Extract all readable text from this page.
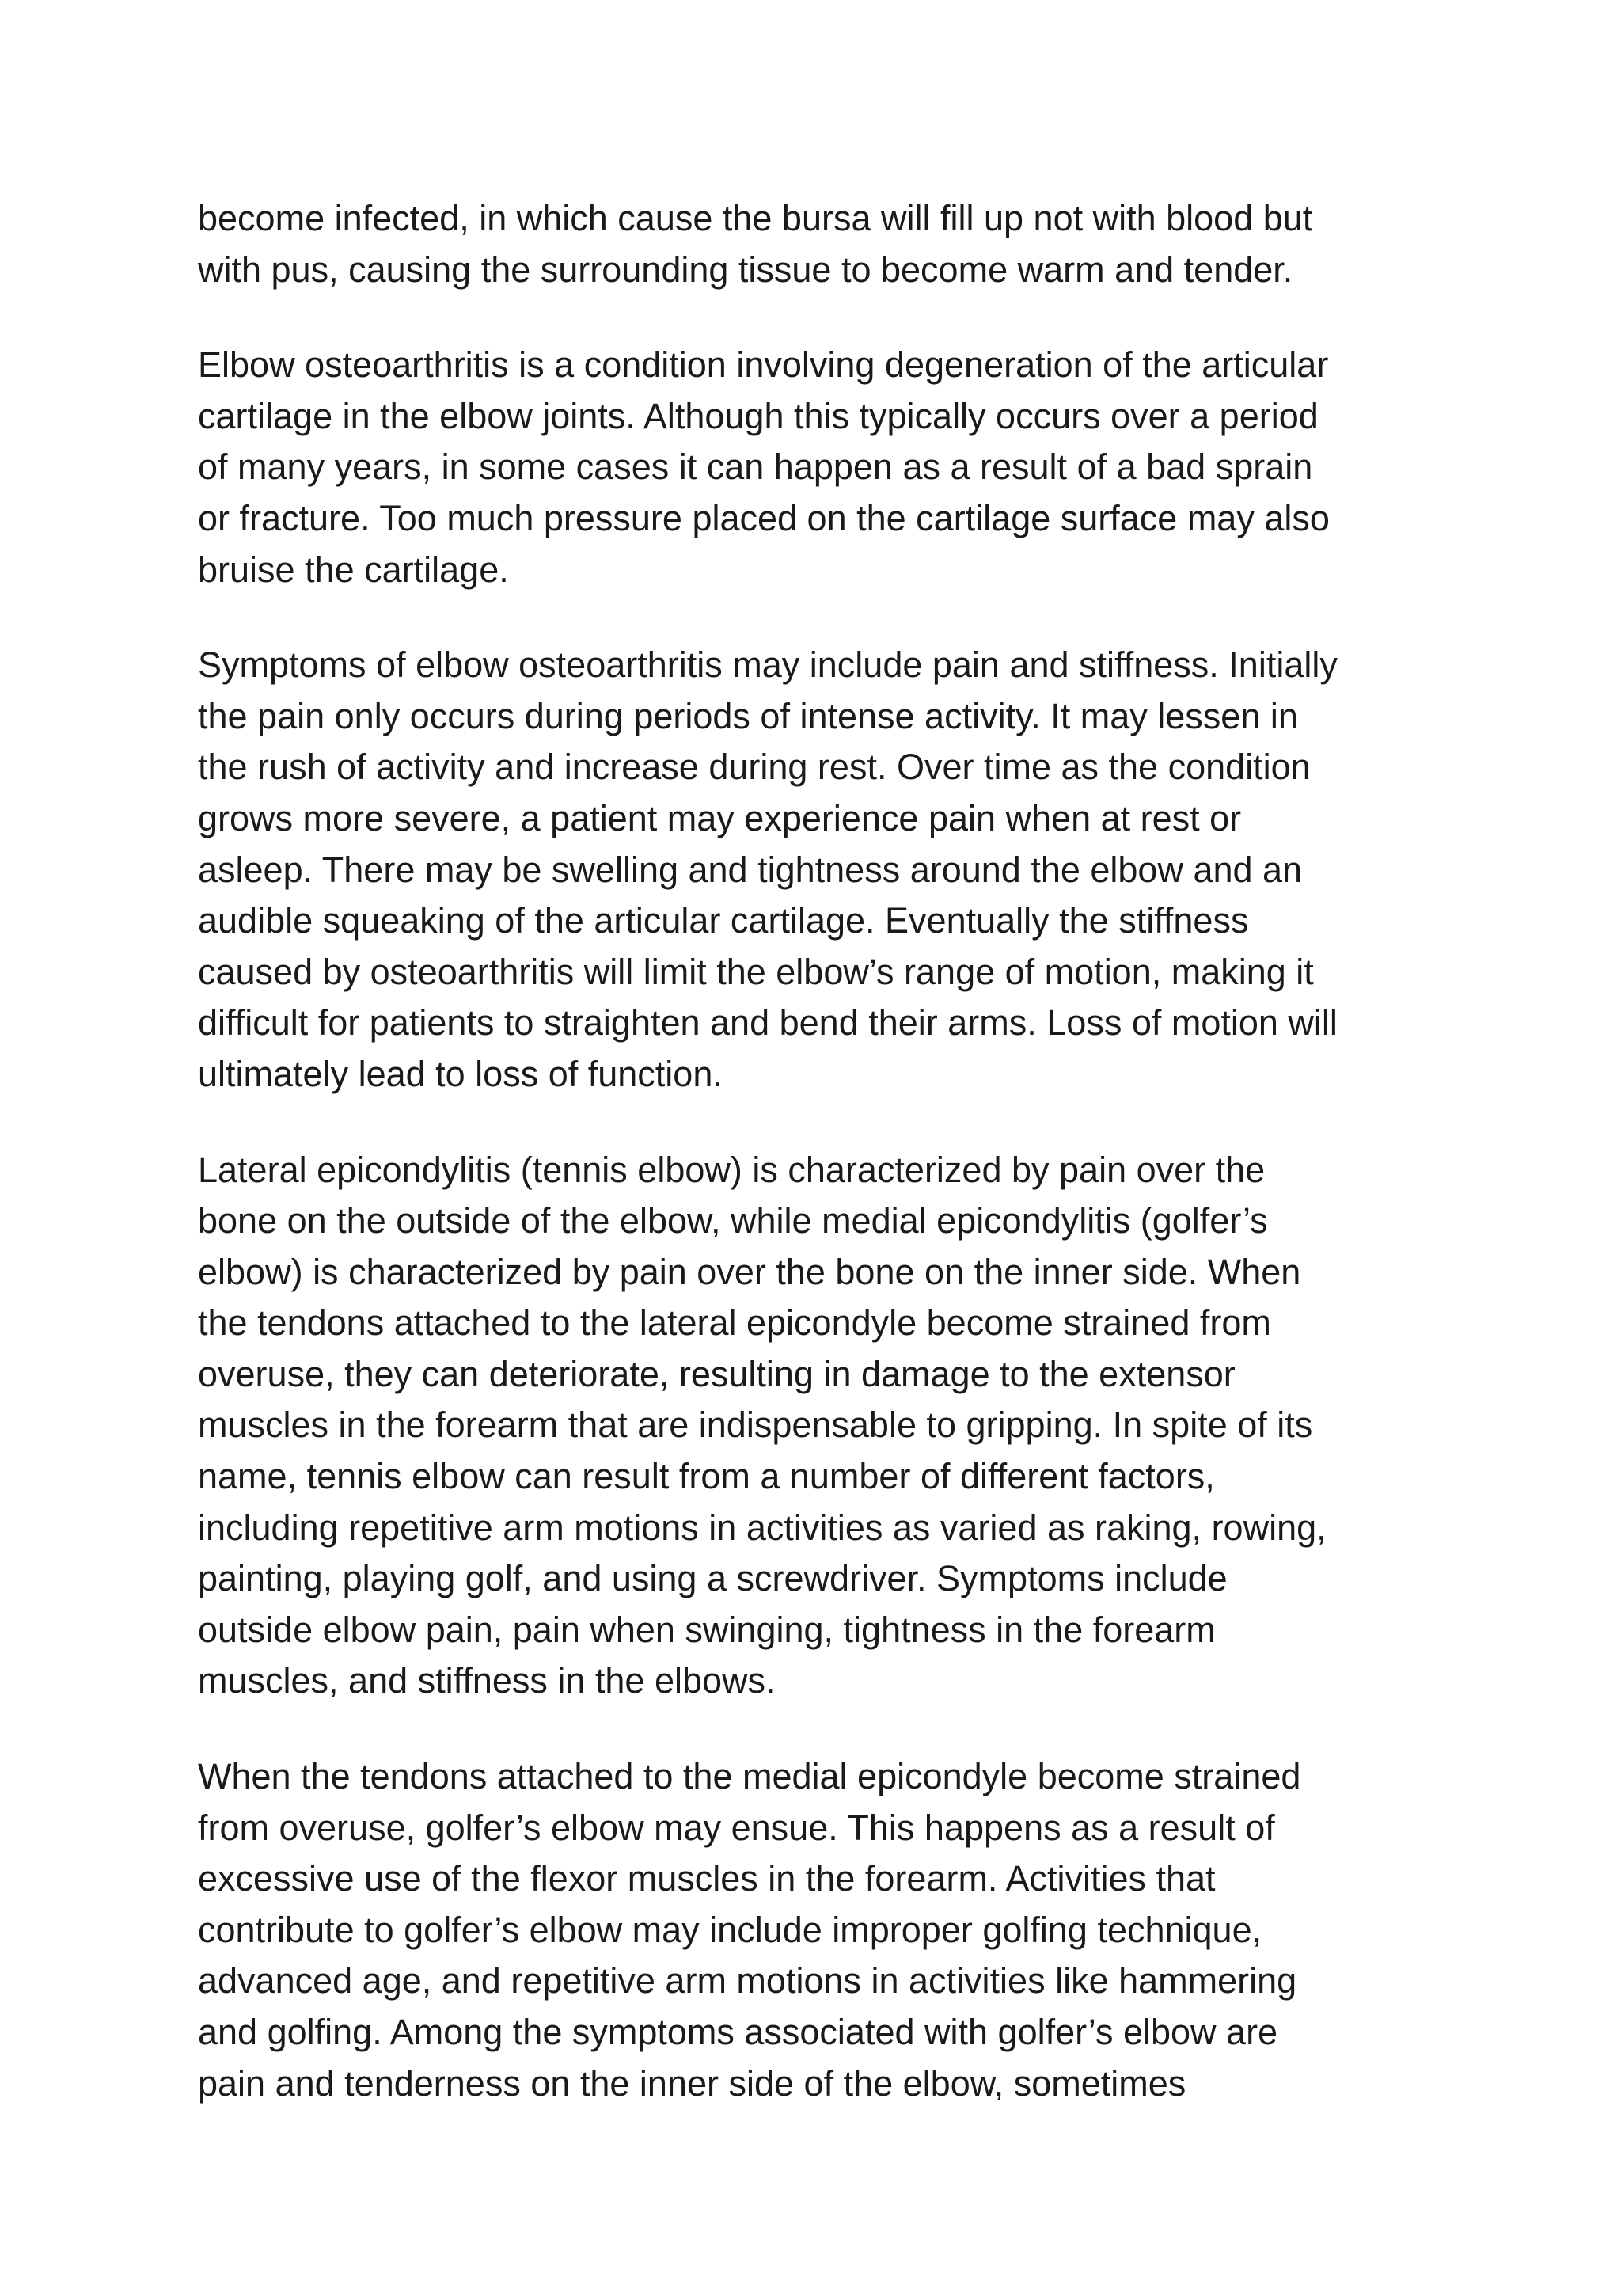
become infected, in which cause the bursa will fill up not with blood but
with pus, causing the surrounding tissue to become warm and tender.

Elbow osteoarthritis is a condition involving degeneration of the articular
cartilage in the elbow joints. Although this typically occurs over a period
of many years, in some cases it can happen as a result of a bad sprain
or fracture. Too much pressure placed on the cartilage surface may also
bruise the cartilage.

Symptoms of elbow osteoarthritis may include pain and stiffness. Initially
the pain only occurs during periods of intense activity. It may lessen in
the rush of activity and increase during rest. Over time as the condition
grows more severe, a patient may experience pain when at rest or
asleep. There may be swelling and tightness around the elbow and an
audible squeaking of the articular cartilage. Eventually the stiffness
caused by osteoarthritis will limit the elbow’s range of motion, making it
difficult for patients to straighten and bend their arms. Loss of motion will
ultimately lead to loss of function.

Lateral epicondylitis (tennis elbow) is characterized by pain over the
bone on the outside of the elbow, while medial epicondylitis (golfer’s
elbow) is characterized by pain over the bone on the inner side. When
the tendons attached to the lateral epicondyle become strained from
overuse, they can deteriorate, resulting in damage to the extensor
muscles in the forearm that are indispensable to gripping. In spite of its
name, tennis elbow can result from a number of different factors,
including repetitive arm motions in activities as varied as raking, rowing,
painting, playing golf, and using a screwdriver. Symptoms include
outside elbow pain, pain when swinging, tightness in the forearm
muscles, and stiffness in the elbows.

When the tendons attached to the medial epicondyle become strained
from overuse, golfer’s elbow may ensue. This happens as a result of
excessive use of the flexor muscles in the forearm. Activities that
contribute to golfer’s elbow may include improper golfing technique,
advanced age, and repetitive arm motions in activities like hammering
and golfing. Among the symptoms associated with golfer’s elbow are
pain and tenderness on the inner side of the elbow, sometimes
